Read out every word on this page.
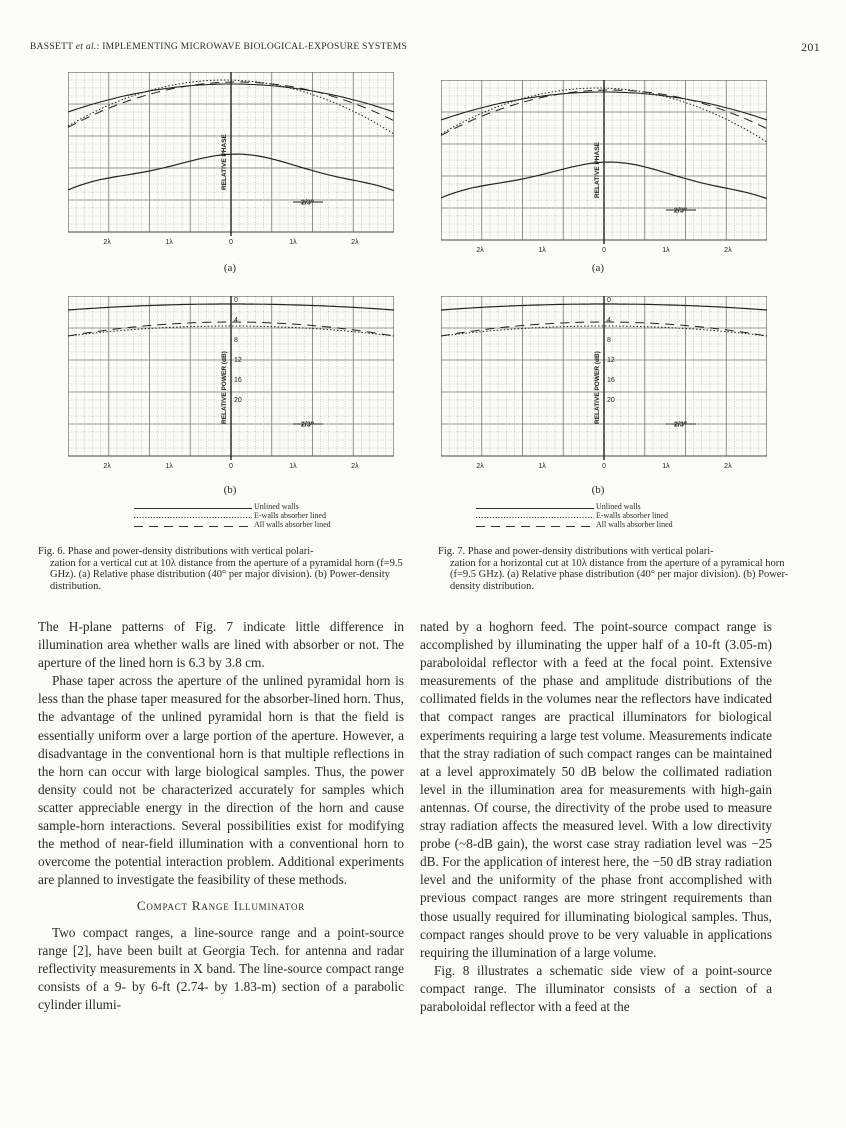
BASSETT et al.: IMPLEMENTING MICROWAVE BIOLOGICAL-EXPOSURE SYSTEMS	201
RELATIVE PHASE
2/3"
2λ	1λ	0	1λ	2λ
(a)
0
4
8
12
16
20
RELATIVE POWER (dB)
2/3"
2λ	1λ	0	1λ	2λ
(b)
Unlined walls
E-walls absorber lined
All walls absorber lined
Fig. 6. Phase and power-density distributions with vertical polari-
zation for a vertical cut at 10λ distance from the aperture of a pyramidal horn (f=9.5 GHz). (a) Relative phase distribution (40° per major division). (b) Power-density distribution.
RELATIVE PHASE
2/3"
2λ	1λ	0	1λ	2λ
(a)
0
4
8
12
16
20
RELATIVE POWER (dB)
2/3"
2λ	1λ	0	1λ	2λ
(b)
Unlined walls
E-walls absorber lined
All walls absorber lined
Fig. 7. Phase and power-density distributions with vertical polari-
zation for a horizontal cut at 10λ distance from the aperture of a pyramical horn (f=9.5 GHz). (a) Relative phase distribution (40° per major division). (b) Power-density distribution.

The H-plane patterns of Fig. 7 indicate little difference in illumination area whether walls are lined with absorber or not. The aperture of the lined horn is 6.3 by 3.8 cm.

Phase taper across the aperture of the unlined pyramidal horn is less than the phase taper measured for the absorber-lined horn. Thus, the advantage of the unlined pyramidal horn is that the field is essentially uniform over a large portion of the aperture. However, a disadvantage in the conventional horn is that multiple reflections in the horn can occur with large biological samples. Thus, the power density could not be characterized accurately for samples which scatter appreciable energy in the direction of the horn and cause sample-horn interactions. Several possibilities exist for modifying the method of near-field illumination with a conventional horn to overcome the potential interaction problem. Additional experiments are planned to investigate the feasibility of these methods.

Compact Range Illuminator

Two compact ranges, a line-source range and a point-source range [2], have been built at Georgia Tech. for antenna and radar reflectivity measurements in X band. The line-source compact range consists of a 9- by 6-ft (2.74- by 1.83-m) section of a parabolic cylinder illumi-

nated by a hoghorn feed. The point-source compact range is accomplished by illuminating the upper half of a 10-ft (3.05-m) paraboloidal reflector with a feed at the focal point. Extensive measurements of the phase and amplitude distributions of the collimated fields in the volumes near the reflectors have indicated that compact ranges are practical illuminators for biological experiments requiring a large test volume. Measurements indicate that the stray radiation of such compact ranges can be maintained at a level approximately 50 dB below the collimated radiation level in the illumination area for measurements with high-gain antennas. Of course, the directivity of the probe used to measure stray radiation affects the measured level. With a low directivity probe (~8-dB gain), the worst case stray radiation level was −25 dB. For the application of interest here, the −50 dB stray radiation level and the uniformity of the phase front accomplished with previous compact ranges are more stringent requirements than those usually required for illuminating biological samples. Thus, compact ranges should prove to be very valuable in applications requiring the illumination of a large volume.

Fig. 8 illustrates a schematic side view of a point-source compact range. The illuminator consists of a section of a paraboloidal reflector with a feed at the
